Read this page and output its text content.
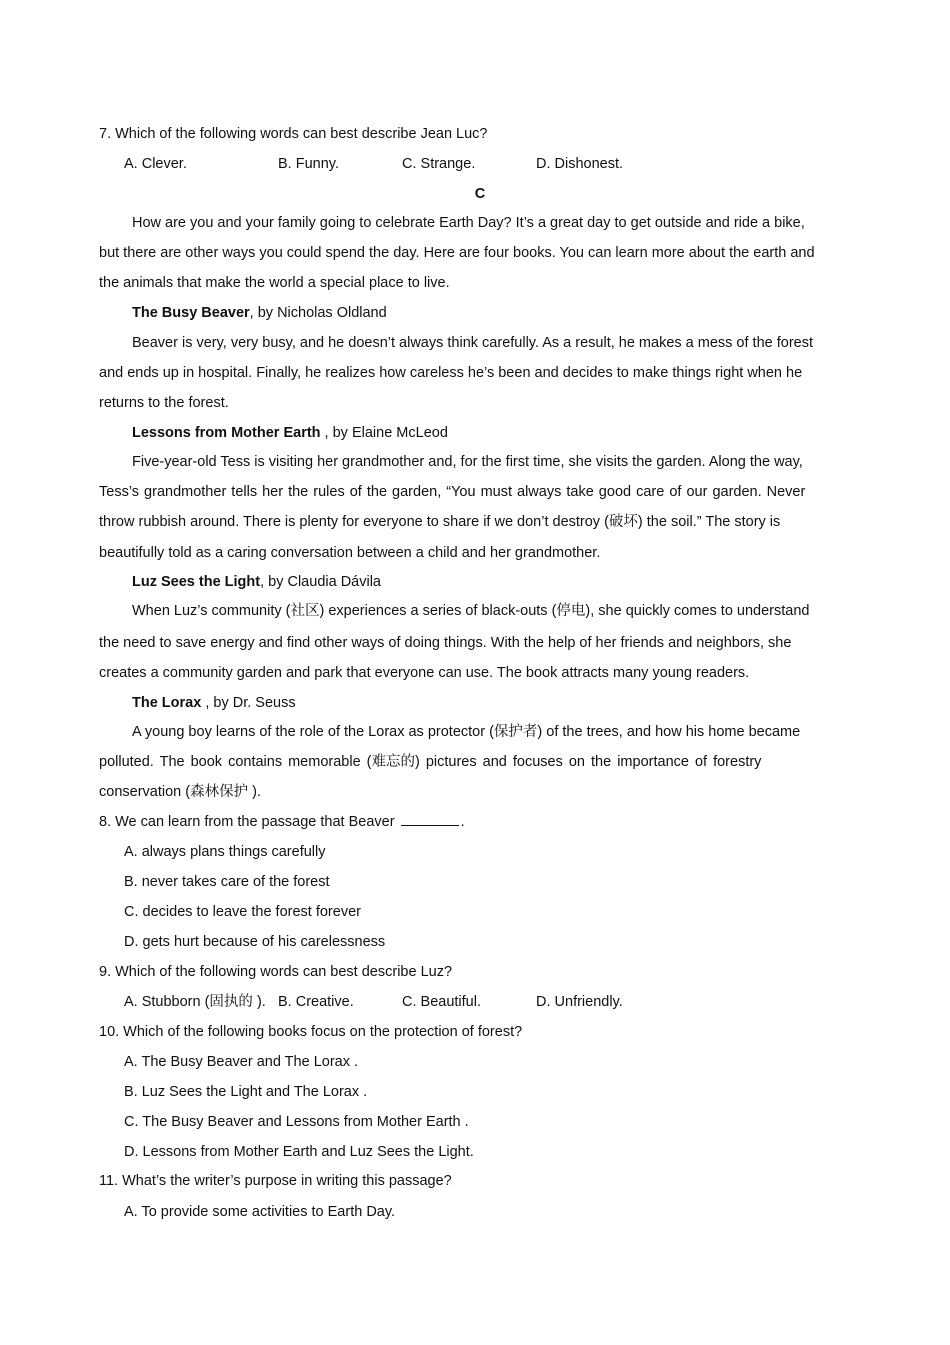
7. Which of the following words can best describe Jean Luc?
A. Clever.	B. Funny.	C. Strange.	D. Dishonest.
C
How are you and your family going to celebrate Earth Day? It’s a great day to get outside and ride a bike,
but there are other ways you could spend the day. Here are four books. You can learn more about the earth and
the animals that make the world a special place to live.
The Busy Beaver, by Nicholas Oldland
Beaver is very, very busy, and he doesn’t always think carefully. As a result, he makes a mess of the forest
and ends up in hospital. Finally, he realizes how careless he’s been and decides to make things right when he
returns to the forest.
Lessons from Mother Earth , by Elaine McLeod
Five-year-old Tess is visiting her grandmother and, for the first time, she visits the garden. Along the way,
Tess’s grandmother tells her the rules of the garden, “You must always take good care of our garden. Never
throw rubbish around. There is plenty for everyone to share if we don’t destroy (破坏) the soil.” The story is
beautifully told as a caring conversation between a child and her grandmother.
Luz Sees the Light, by Claudia Dávila
When Luz’s community (社区) experiences a series of black-outs (停电), she quickly comes to understand
the need to save energy and find other ways of doing things. With the help of her friends and neighbors, she
creates a community garden and park that everyone can use. The book attracts many young readers.
The Lorax , by Dr. Seuss
A young boy learns of the role of the Lorax as protector (保护者) of the trees, and how his home became
polluted. The book contains memorable (难忘的) pictures and focuses on the importance of forestry
conservation (森林保护 ).
8. We can learn from the passage that Beaver	.
A. always plans things carefully
B. never takes care of the forest
C. decides to leave the forest forever
D. gets hurt because of his carelessness
9. Which of the following words can best describe Luz?
A. Stubborn (固执的 ). B. Creative.	C. Beautiful.	D. Unfriendly.
10. Which of the following books focus on the protection of forest?
A. The Busy Beaver and The Lorax .
B. Luz Sees the Light and The Lorax .
C. The Busy Beaver and Lessons from Mother Earth .
D. Lessons from Mother Earth and Luz Sees the Light.
11. What’s the writer’s purpose in writing this passage?
A. To provide some activities to Earth Day.
